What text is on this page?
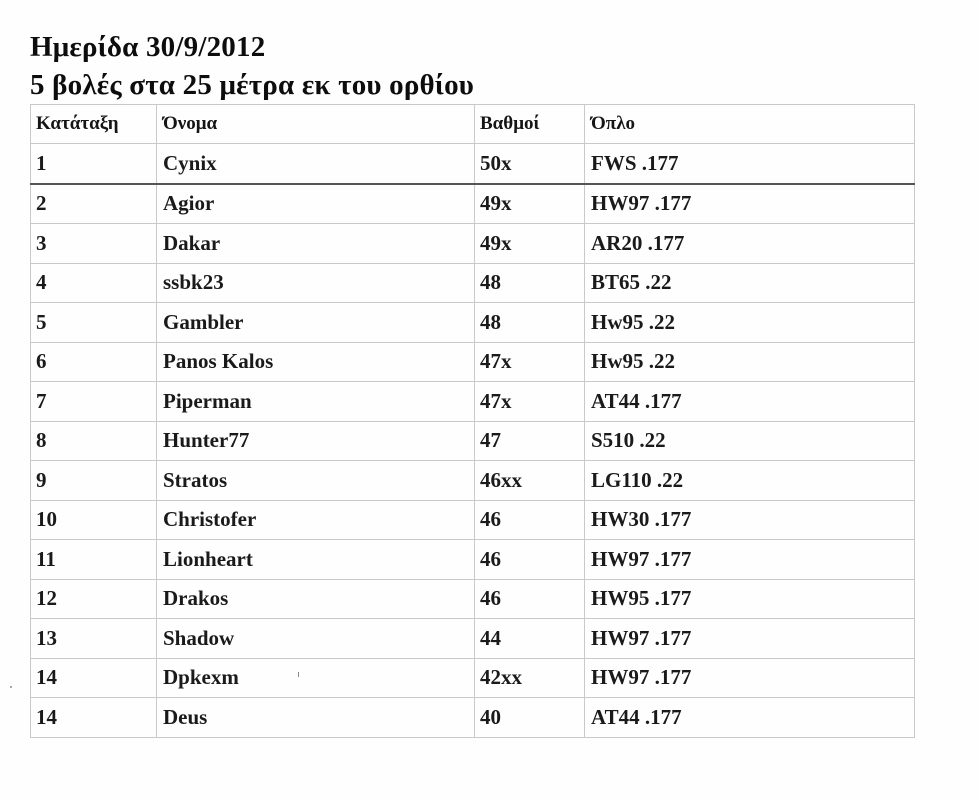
Ημερίδα 30/9/2012
5 βολές στα 25 μέτρα εκ του ορθίου
Κατάταξη	Όνομα	Βαθμοί	Όπλο
1	Cynix	50x	FWS .177
2	Agior	49x	HW97 .177
3	Dakar	49x	AR20 .177
4	ssbk23	48	BT65 .22
5	Gambler	48	Hw95 .22
6	Panos Kalos	47x	Hw95 .22
7	Piperman	47x	AT44 .177
8	Hunter77	47	S510 .22
9	Stratos	46xx	LG110 .22
10	Christofer	46	HW30 .177
11	Lionheart	46	HW97 .177
12	Drakos	46	HW95 .177
13	Shadow	44	HW97 .177
14	Dpkexm	42xx	HW97 .177
14	Deus	40	AT44 .177
